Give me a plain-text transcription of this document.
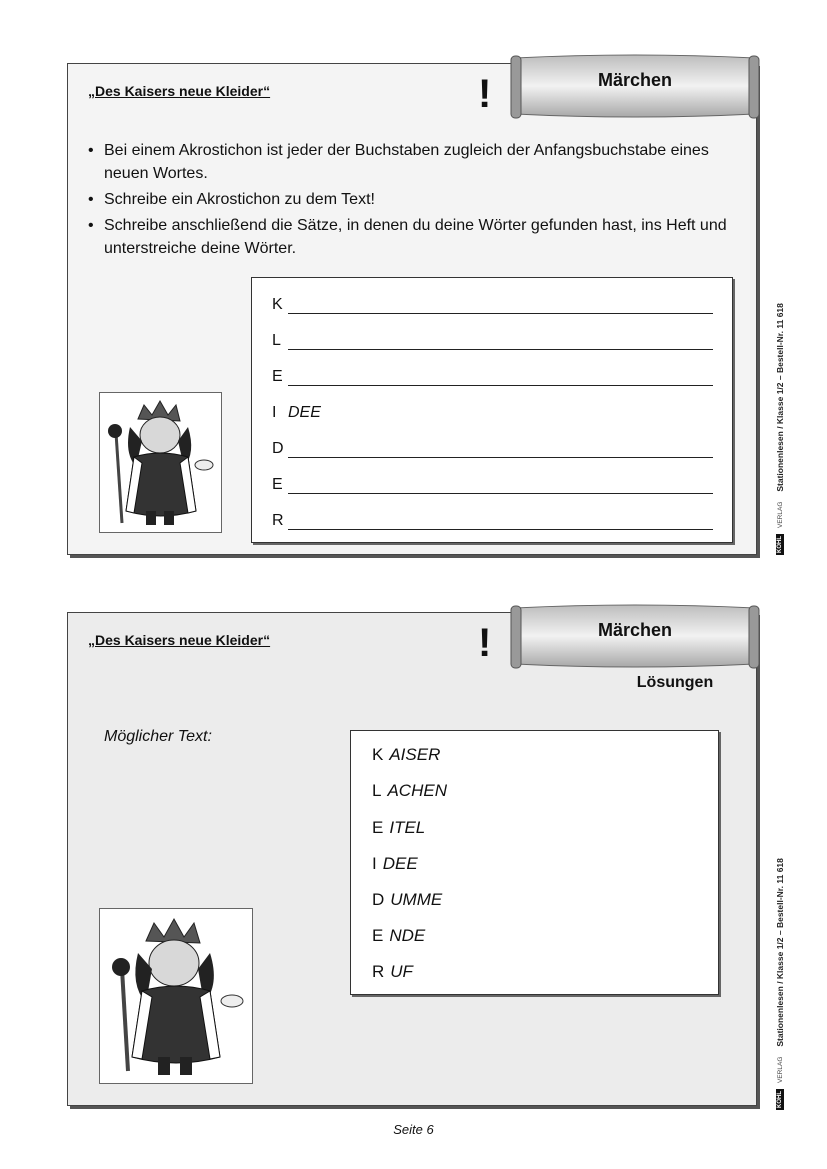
„Des Kaisers neue Kleider“	!
• Bei einem Akrostichon ist jeder der Buchstaben zugleich der Anfangsbuchstabe eines neuen Wortes.
• Schreibe ein Akrostichon zu dem Text!
• Schreibe anschließend die Sätze, in denen du deine Wörter gefunden hast, ins Heft und unterstreiche deine Wörter.
K
L
E
I DEE
D
E
R
Märchen
„Des Kaisers neue Kleider“	!
Lösungen
Möglicher Text:
K AISER
L ACHEN
E ITEL
I DEE
D UMME
E NDE
R UF
Märchen
KOHL
VERLAG
Stationenlesen / Klasse 1/2 – Bestell-Nr. 11 618
KOHL
VERLAG
Stationenlesen / Klasse 1/2 – Bestell-Nr. 11 618
Seite 6
